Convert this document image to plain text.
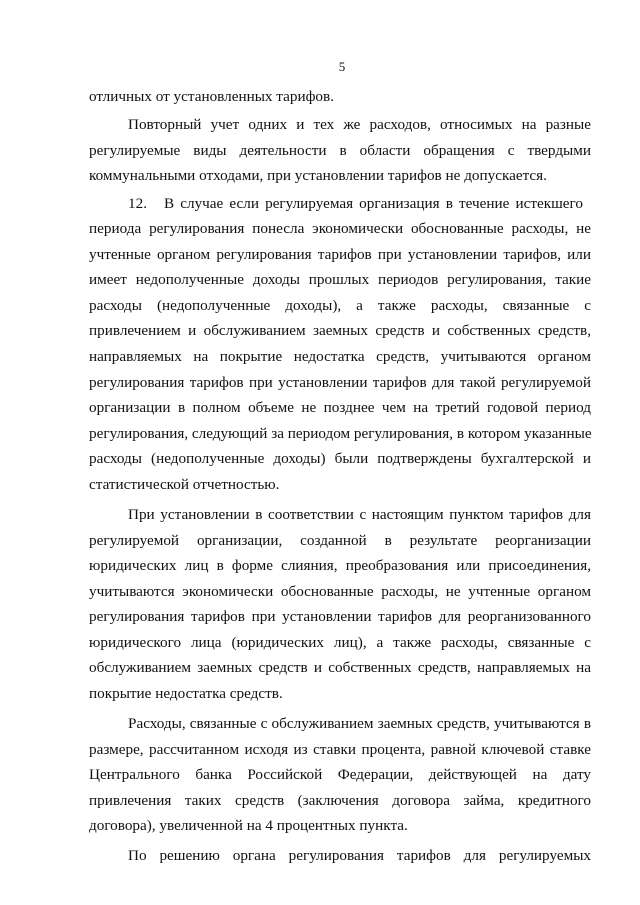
5
отличных от установленных тарифов.
Повторный учет одних и тех же расходов, относимых на разные
регулируемые виды деятельности в области обращения с твердыми
коммунальными отходами, при установлении тарифов не допускается.
12. В случае если регулируемая организация в течение истекшего
периода регулирования понесла экономически обоснованные расходы, не
учтенные органом регулирования тарифов при установлении тарифов, или
имеет недополученные доходы прошлых периодов регулирования, такие
расходы (недополученные доходы), а также расходы, связанные с
привлечением и обслуживанием заемных средств и собственных средств,
направляемых на покрытие недостатка средств, учитываются органом
регулирования тарифов при установлении тарифов для такой регулируемой
организации в полном объеме не позднее чем на третий годовой период
регулирования, следующий за периодом регулирования, в котором указанные
расходы (недополученные доходы) были подтверждены бухгалтерской и
статистической отчетностью.
При установлении в соответствии с настоящим пунктом тарифов для
регулируемой организации, созданной в результате реорганизации
юридических лиц в форме слияния, преобразования или присоединения,
учитываются экономически обоснованные расходы, не учтенные органом
регулирования тарифов при установлении тарифов для реорганизованного
юридического лица (юридических лиц), а также расходы, связанные с
обслуживанием заемных средств и собственных средств, направляемых на
покрытие недостатка средств.
Расходы, связанные с обслуживанием заемных средств, учитываются в
размере, рассчитанном исходя из ставки процента, равной ключевой ставке
Центрального банка Российской Федерации, действующей на дату
привлечения таких средств (заключения договора займа, кредитного
договора), увеличенной на 4 процентных пункта.
По решению органа регулирования тарифов для регулируемых
